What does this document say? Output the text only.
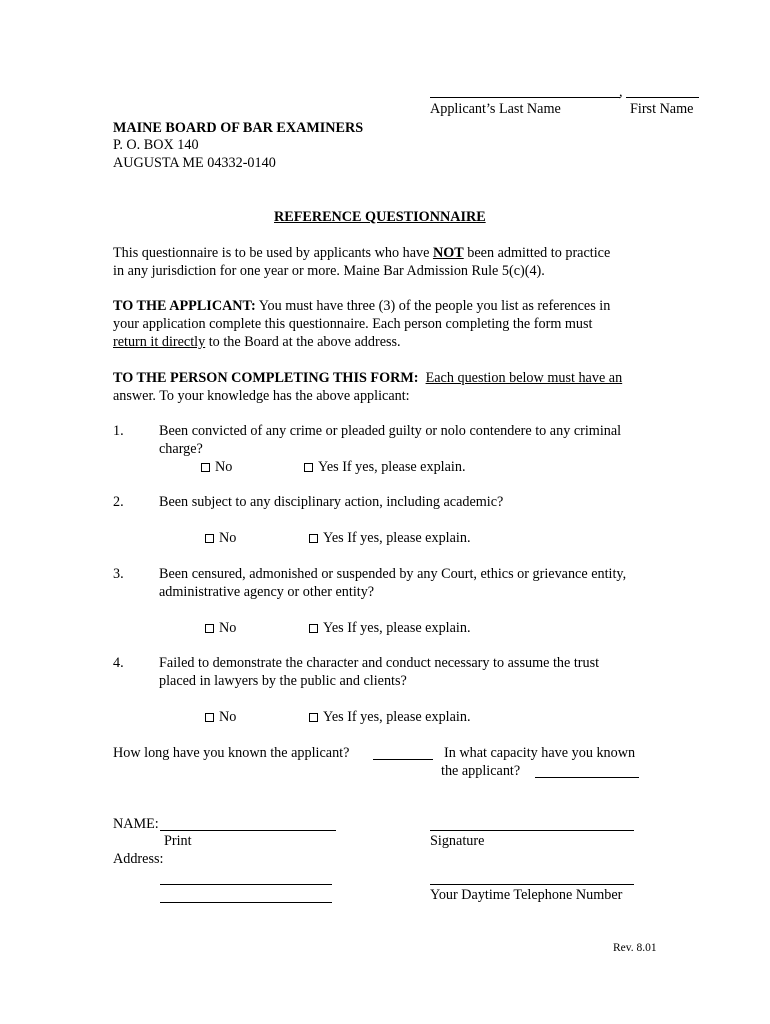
,
Applicant’s Last Name	First Name
MAINE BOARD OF BAR EXAMINERS
P. O. BOX 140
AUGUSTA ME 04332-0140
REFERENCE QUESTIONNAIRE
This questionnaire is to be used by applicants who have NOT been admitted to practice
in any jurisdiction for one year or more. Maine Bar Admission Rule 5(c)(4).
TO THE APPLICANT: You must have three (3) of the people you list as references in
your application complete this questionnaire. Each person completing the form must
return it directly to the Board at the above address.
TO THE PERSON COMPLETING THIS FORM: Each question below must have an
answer. To your knowledge has the above applicant:
1. Been convicted of any crime or pleaded guilty or nolo contendere to any criminal
charge?
No	Yes If yes, please explain.
2. Been subject to any disciplinary action, including academic?
No	Yes If yes, please explain.
3. Been censured, admonished or suspended by any Court, ethics or grievance entity,
administrative agency or other entity?
No	Yes If yes, please explain.
4. Failed to demonstrate the character and conduct necessary to assume the trust
placed in lawyers by the public and clients?
No	Yes If yes, please explain.
How long have you known the applicant?	In what capacity have you known
the applicant?
NAME:
Print	Signature
Address:
Your Daytime Telephone Number
Rev. 8.01
